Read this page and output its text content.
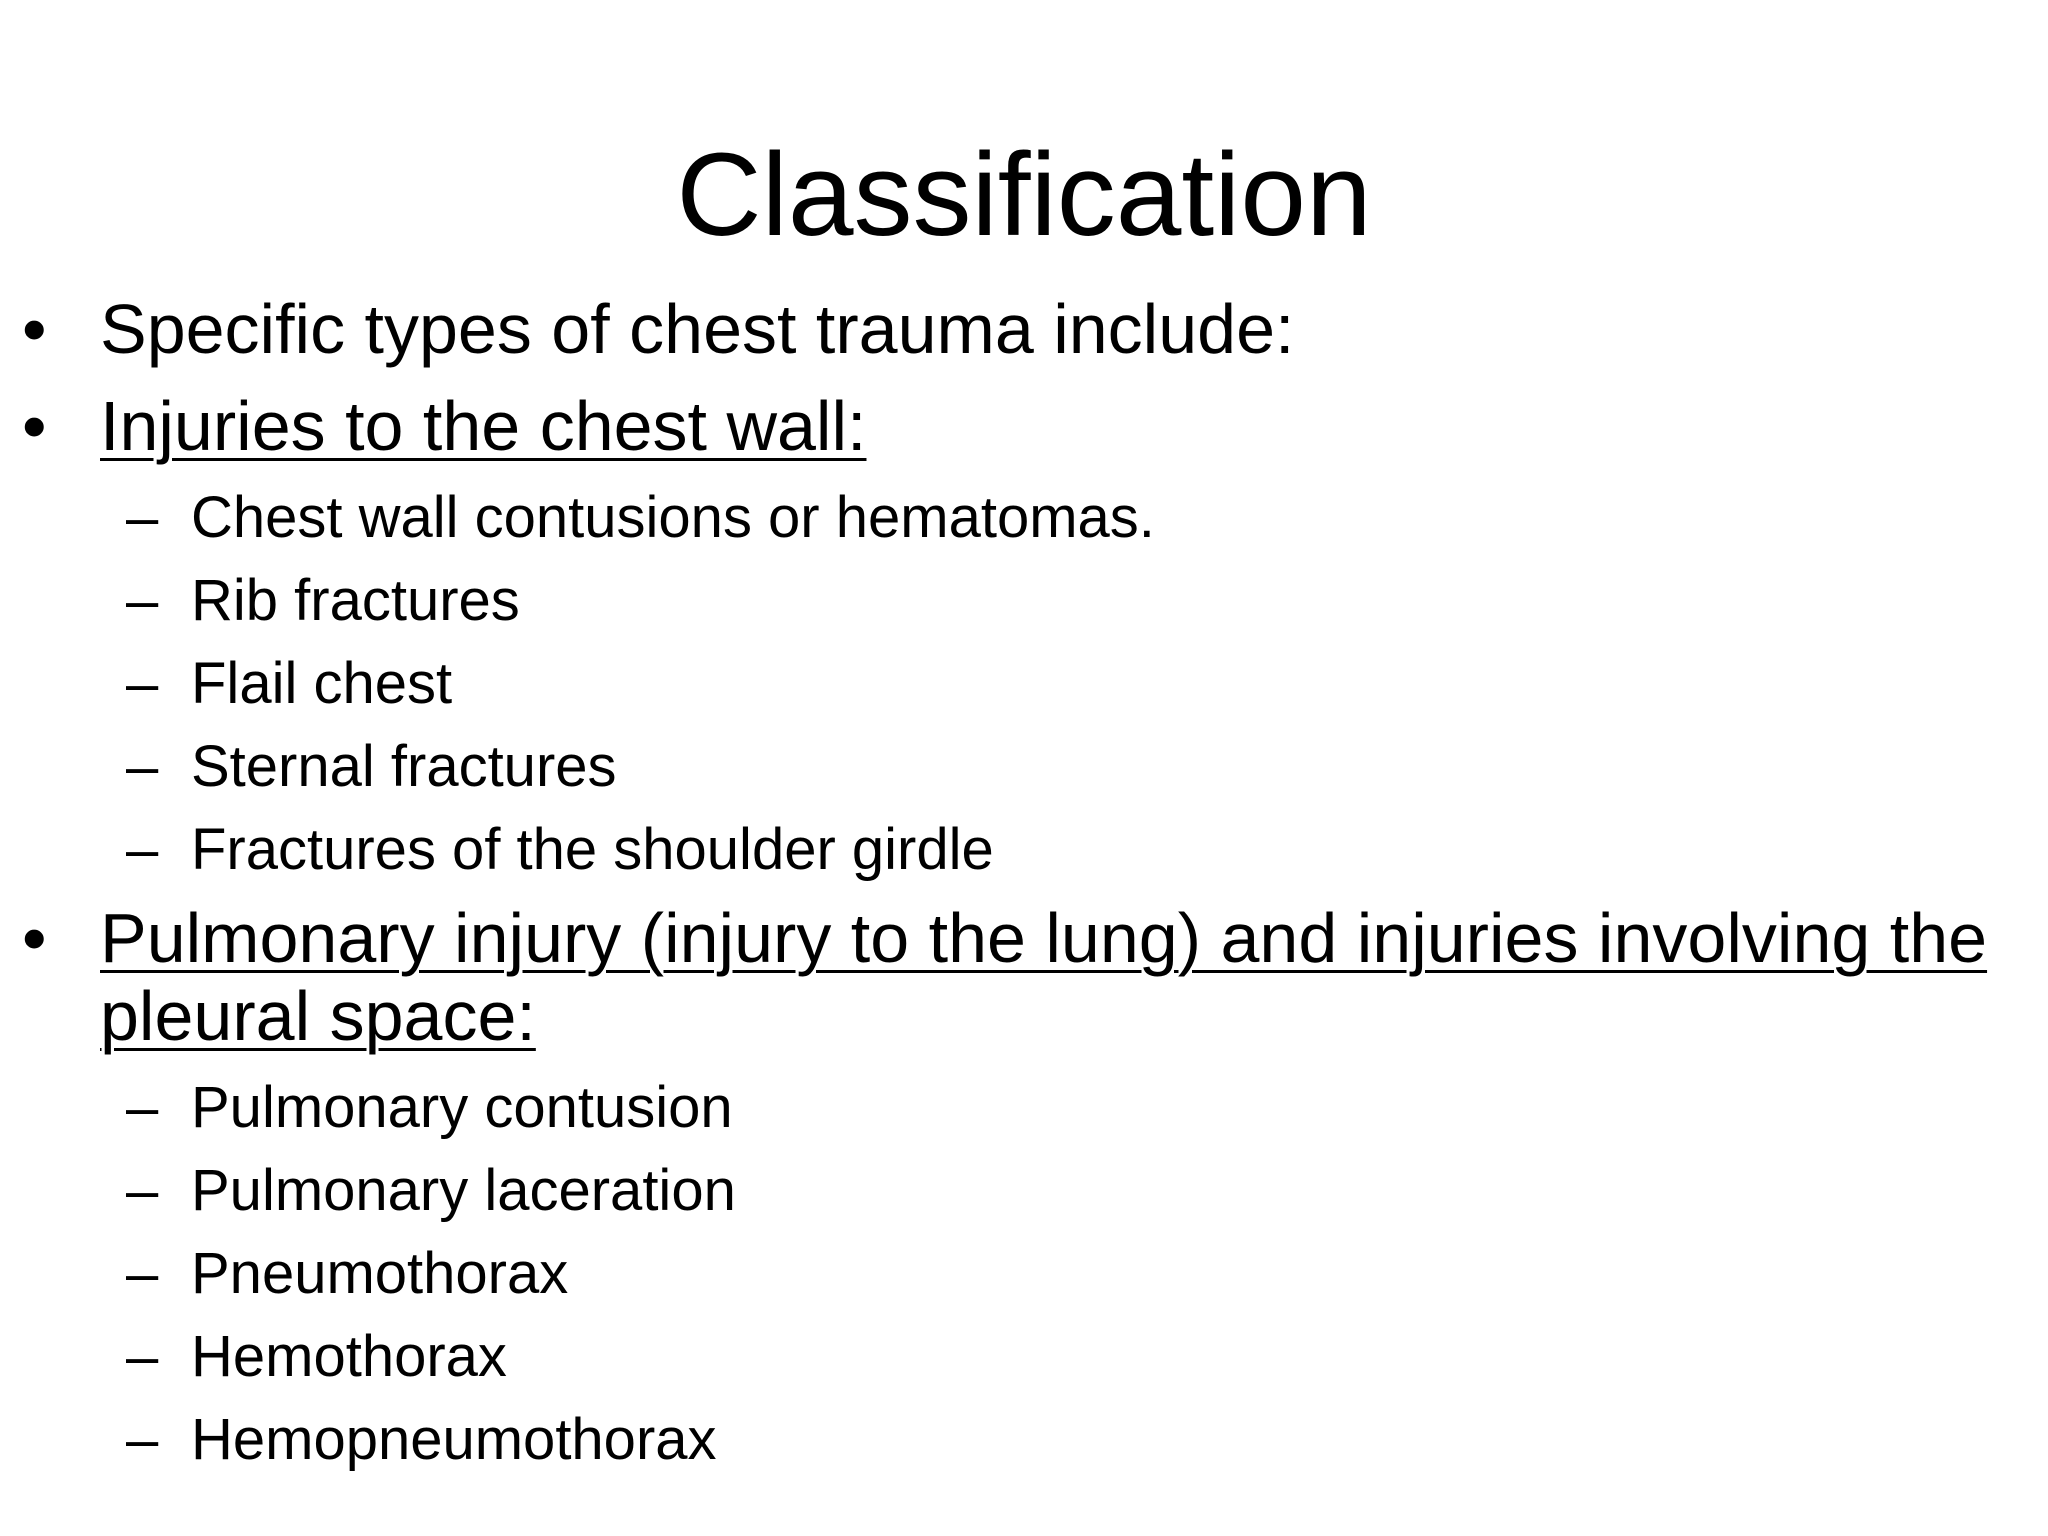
Classification
• Specific types of chest trauma include:
• Injuries to the chest wall:
– Chest wall contusions or hematomas.
– Rib fractures
– Flail chest
– Sternal fractures
– Fractures of the shoulder girdle
• Pulmonary injury (injury to the lung) and injuries involving the pleural space:
– Pulmonary contusion
– Pulmonary laceration
– Pneumothorax
– Hemothorax
– Hemopneumothorax
